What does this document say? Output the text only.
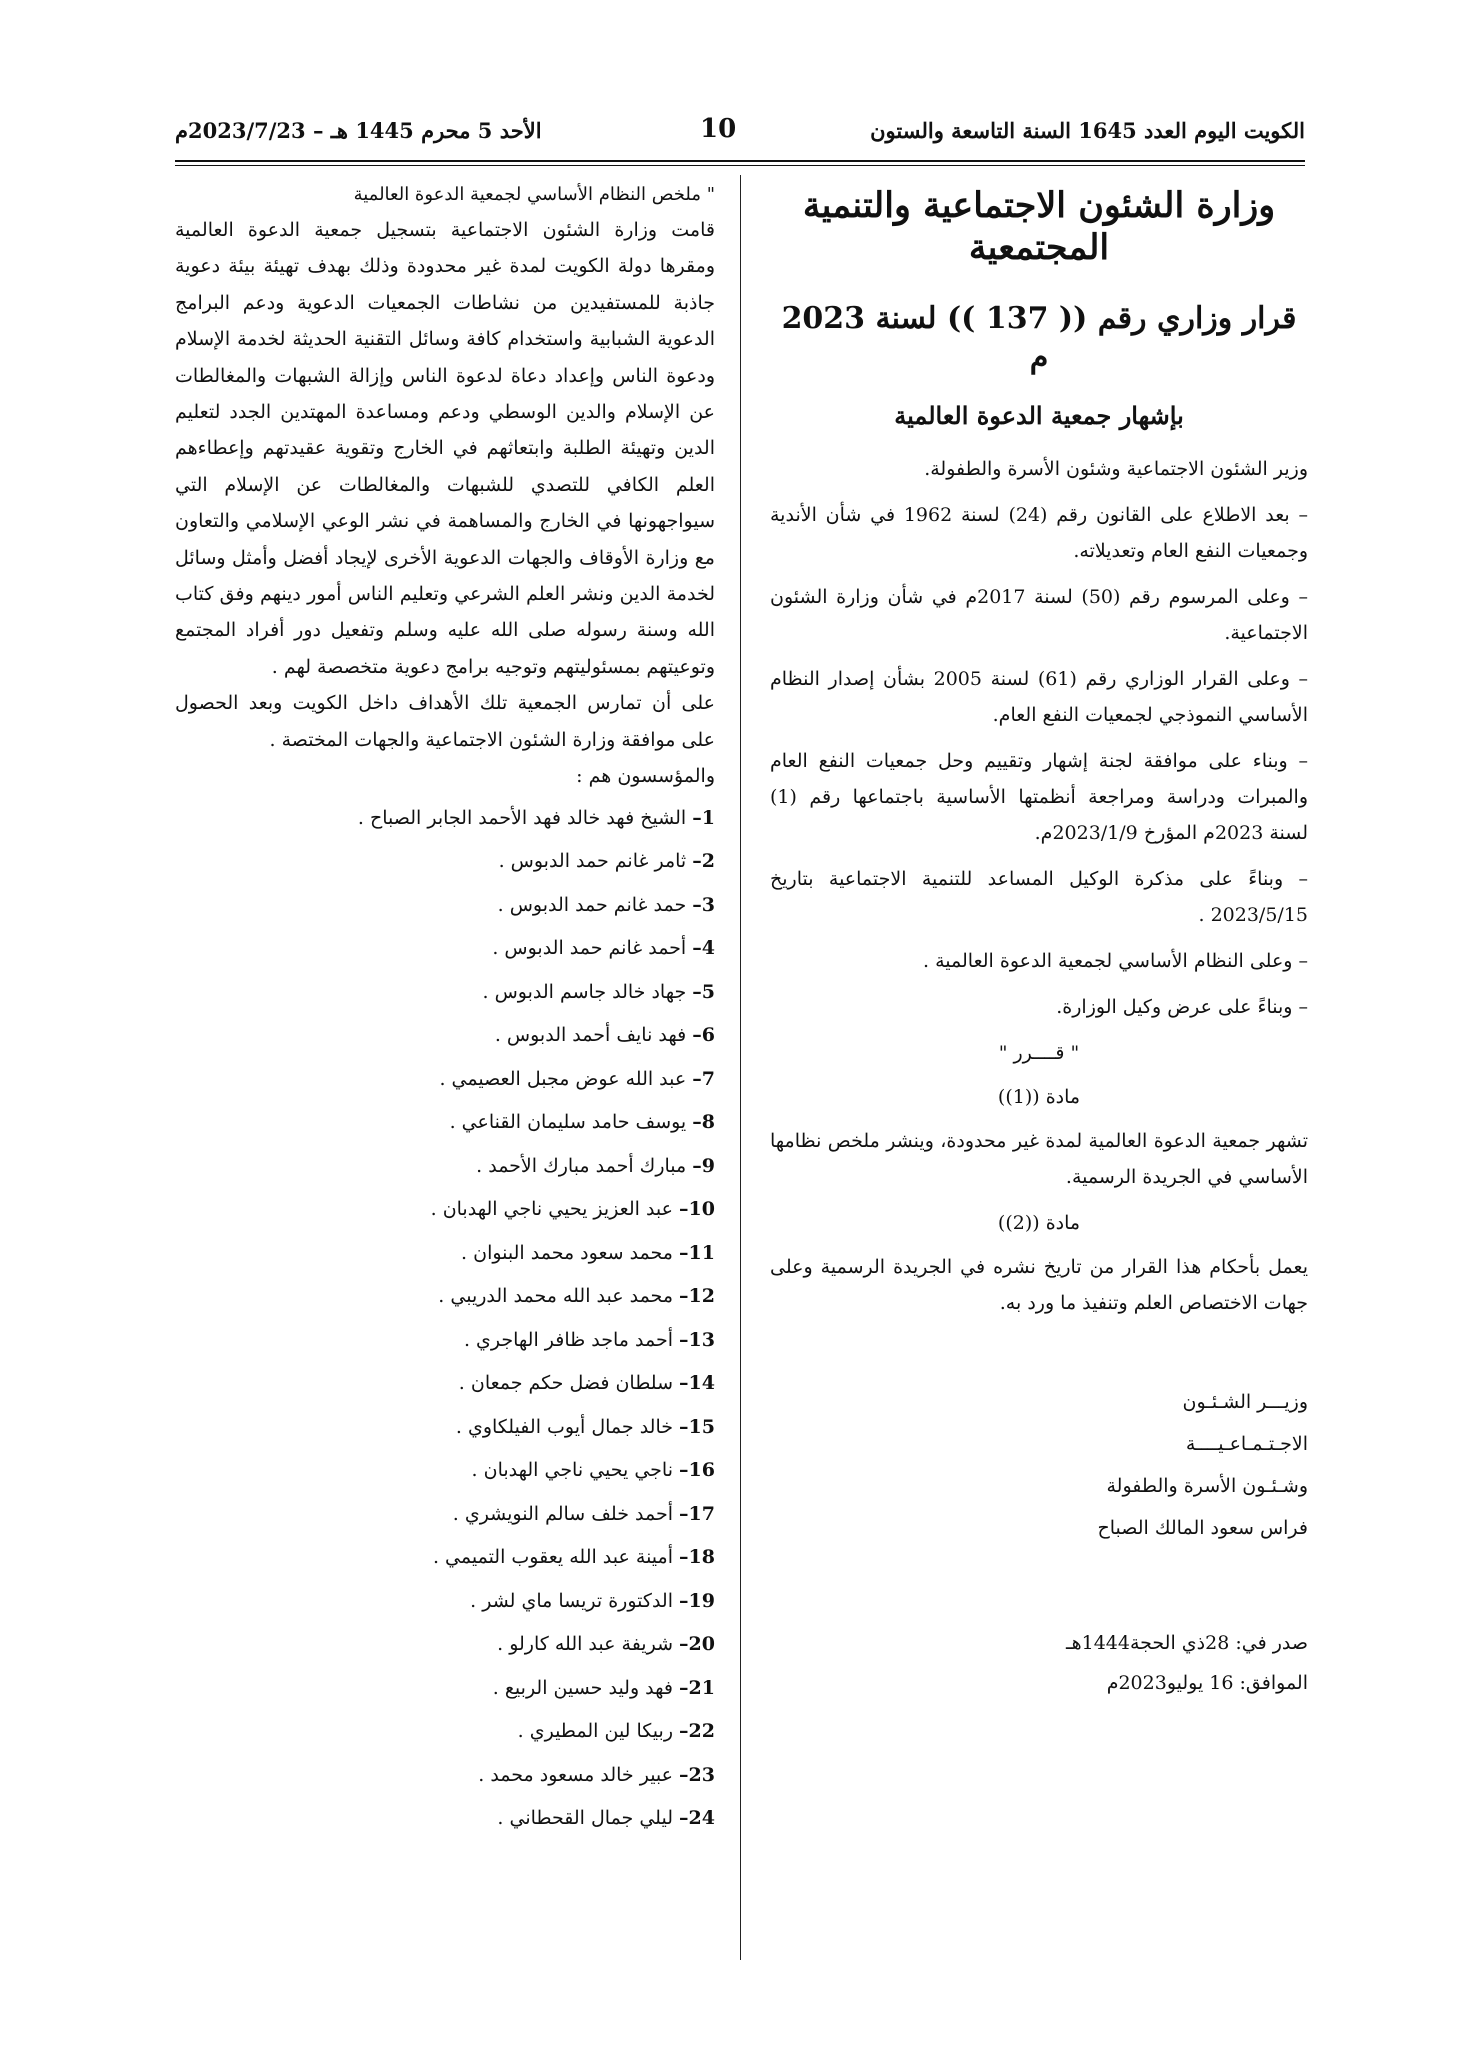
الكويت اليوم العدد 1645 السنة التاسعة والستون
10
الأحد 5 محرم 1445 هـ – 2023/7/23م
وزارة الشئون الاجتماعية والتنمية المجتمعية
قرار وزاري رقم (( 137 )) لسنة 2023 م
بإشهار جمعية الدعوة العالمية

وزير الشئون الاجتماعية وشئون الأسرة والطفولة.

– بعد الاطلاع على القانون رقم (24) لسنة 1962 في شأن الأندية وجمعيات النفع العام وتعديلاته.

– وعلى المرسوم رقم (50) لسنة 2017م في شأن وزارة الشئون الاجتماعية.

– وعلى القرار الوزاري رقم (61) لسنة 2005 بشأن إصدار النظام الأساسي النموذجي لجمعيات النفع العام.

– وبناء على موافقة لجنة إشهار وتقييم وحل جمعيات النفع العام والمبرات ودراسة ومراجعة أنظمتها الأساسية باجتماعها رقم (1) لسنة 2023م المؤرخ 2023/1/9م.

– وبناءً على مذكرة الوكيل المساعد للتنمية الاجتماعية بتاريخ 2023/5/15 .

– وعلى النظام الأساسي لجمعية الدعوة العالمية .

– وبناءً على عرض وكيل الوزارة.

" قــــرر "
مادة ((1))

تشهر جمعية الدعوة العالمية لمدة غير محدودة، وينشر ملخص نظامها الأساسي في الجريدة الرسمية.

مادة ((2))

يعمل بأحكام هذا القرار من تاريخ نشره في الجريدة الرسمية وعلى جهات الاختصاص العلم وتنفيذ ما ورد به.

وزيـــر الشـئـون الاجـتـمـاعـيــــة
وشـئـون الأسرة والطفولة
فراس سعود المالك الصباح
صدر في: 28ذي الحجة1444هـ
الموافق: 16 يوليو2023م
" ملخص النظام الأساسي لجمعية الدعوة العالمية

قامت وزارة الشئون الاجتماعية بتسجيل جمعية الدعوة العالمية ومقرها دولة الكويت لمدة غير محدودة وذلك بهدف تهيئة بيئة دعوية جاذبة للمستفيدين من نشاطات الجمعيات الدعوية ودعم البرامج الدعوية الشبابية واستخدام كافة وسائل التقنية الحديثة لخدمة الإسلام ودعوة الناس وإعداد دعاة لدعوة الناس وإزالة الشبهات والمغالطات عن الإسلام والدين الوسطي ودعم ومساعدة المهتدين الجدد لتعليم الدين وتهيئة الطلبة وابتعاثهم في الخارج وتقوية عقيدتهم وإعطاءهم العلم الكافي للتصدي للشبهات والمغالطات عن الإسلام التي سيواجهونها في الخارج والمساهمة في نشر الوعي الإسلامي والتعاون مع وزارة الأوقاف والجهات الدعوية الأخرى لإيجاد أفضل وأمثل وسائل لخدمة الدين ونشر العلم الشرعي وتعليم الناس أمور دينهم وفق كتاب الله وسنة رسوله صلى الله عليه وسلم وتفعيل دور أفراد المجتمع وتوعيتهم بمسئوليتهم وتوجيه برامج دعوية متخصصة لهم .

على أن تمارس الجمعية تلك الأهداف داخل الكويت وبعد الحصول على موافقة وزارة الشئون الاجتماعية والجهات المختصة .

والمؤسسون هم :

1– الشيخ فهد خالد فهد الأحمد الجابر الصباح .
2– ثامر غانم حمد الدبوس .
3– حمد غانم حمد الدبوس .
4– أحمد غانم حمد الدبوس .
5– جهاد خالد جاسم الدبوس .
6– فهد نايف أحمد الدبوس .
7– عبد الله عوض مجبل العصيمي .
8– يوسف حامد سليمان القناعي .
9– مبارك أحمد مبارك الأحمد .
10– عبد العزيز يحيي ناجي الهدبان .
11– محمد سعود محمد البنوان .
12– محمد عبد الله محمد الدريبي .
13– أحمد ماجد ظافر الهاجري .
14– سلطان فضل حكم جمعان .
15– خالد جمال أيوب الفيلكاوي .
16– ناجي يحيي ناجي الهدبان .
17– أحمد خلف سالم النويشري .
18– أمينة عبد الله يعقوب التميمي .
19– الدكتورة تريسا ماي لشر .
20– شريفة عبد الله كارلو .
21– فهد وليد حسين الربيع .
22– ربيكا لين المطيري .
23– عبير خالد مسعود محمد .
24– ليلي جمال القحطاني .
